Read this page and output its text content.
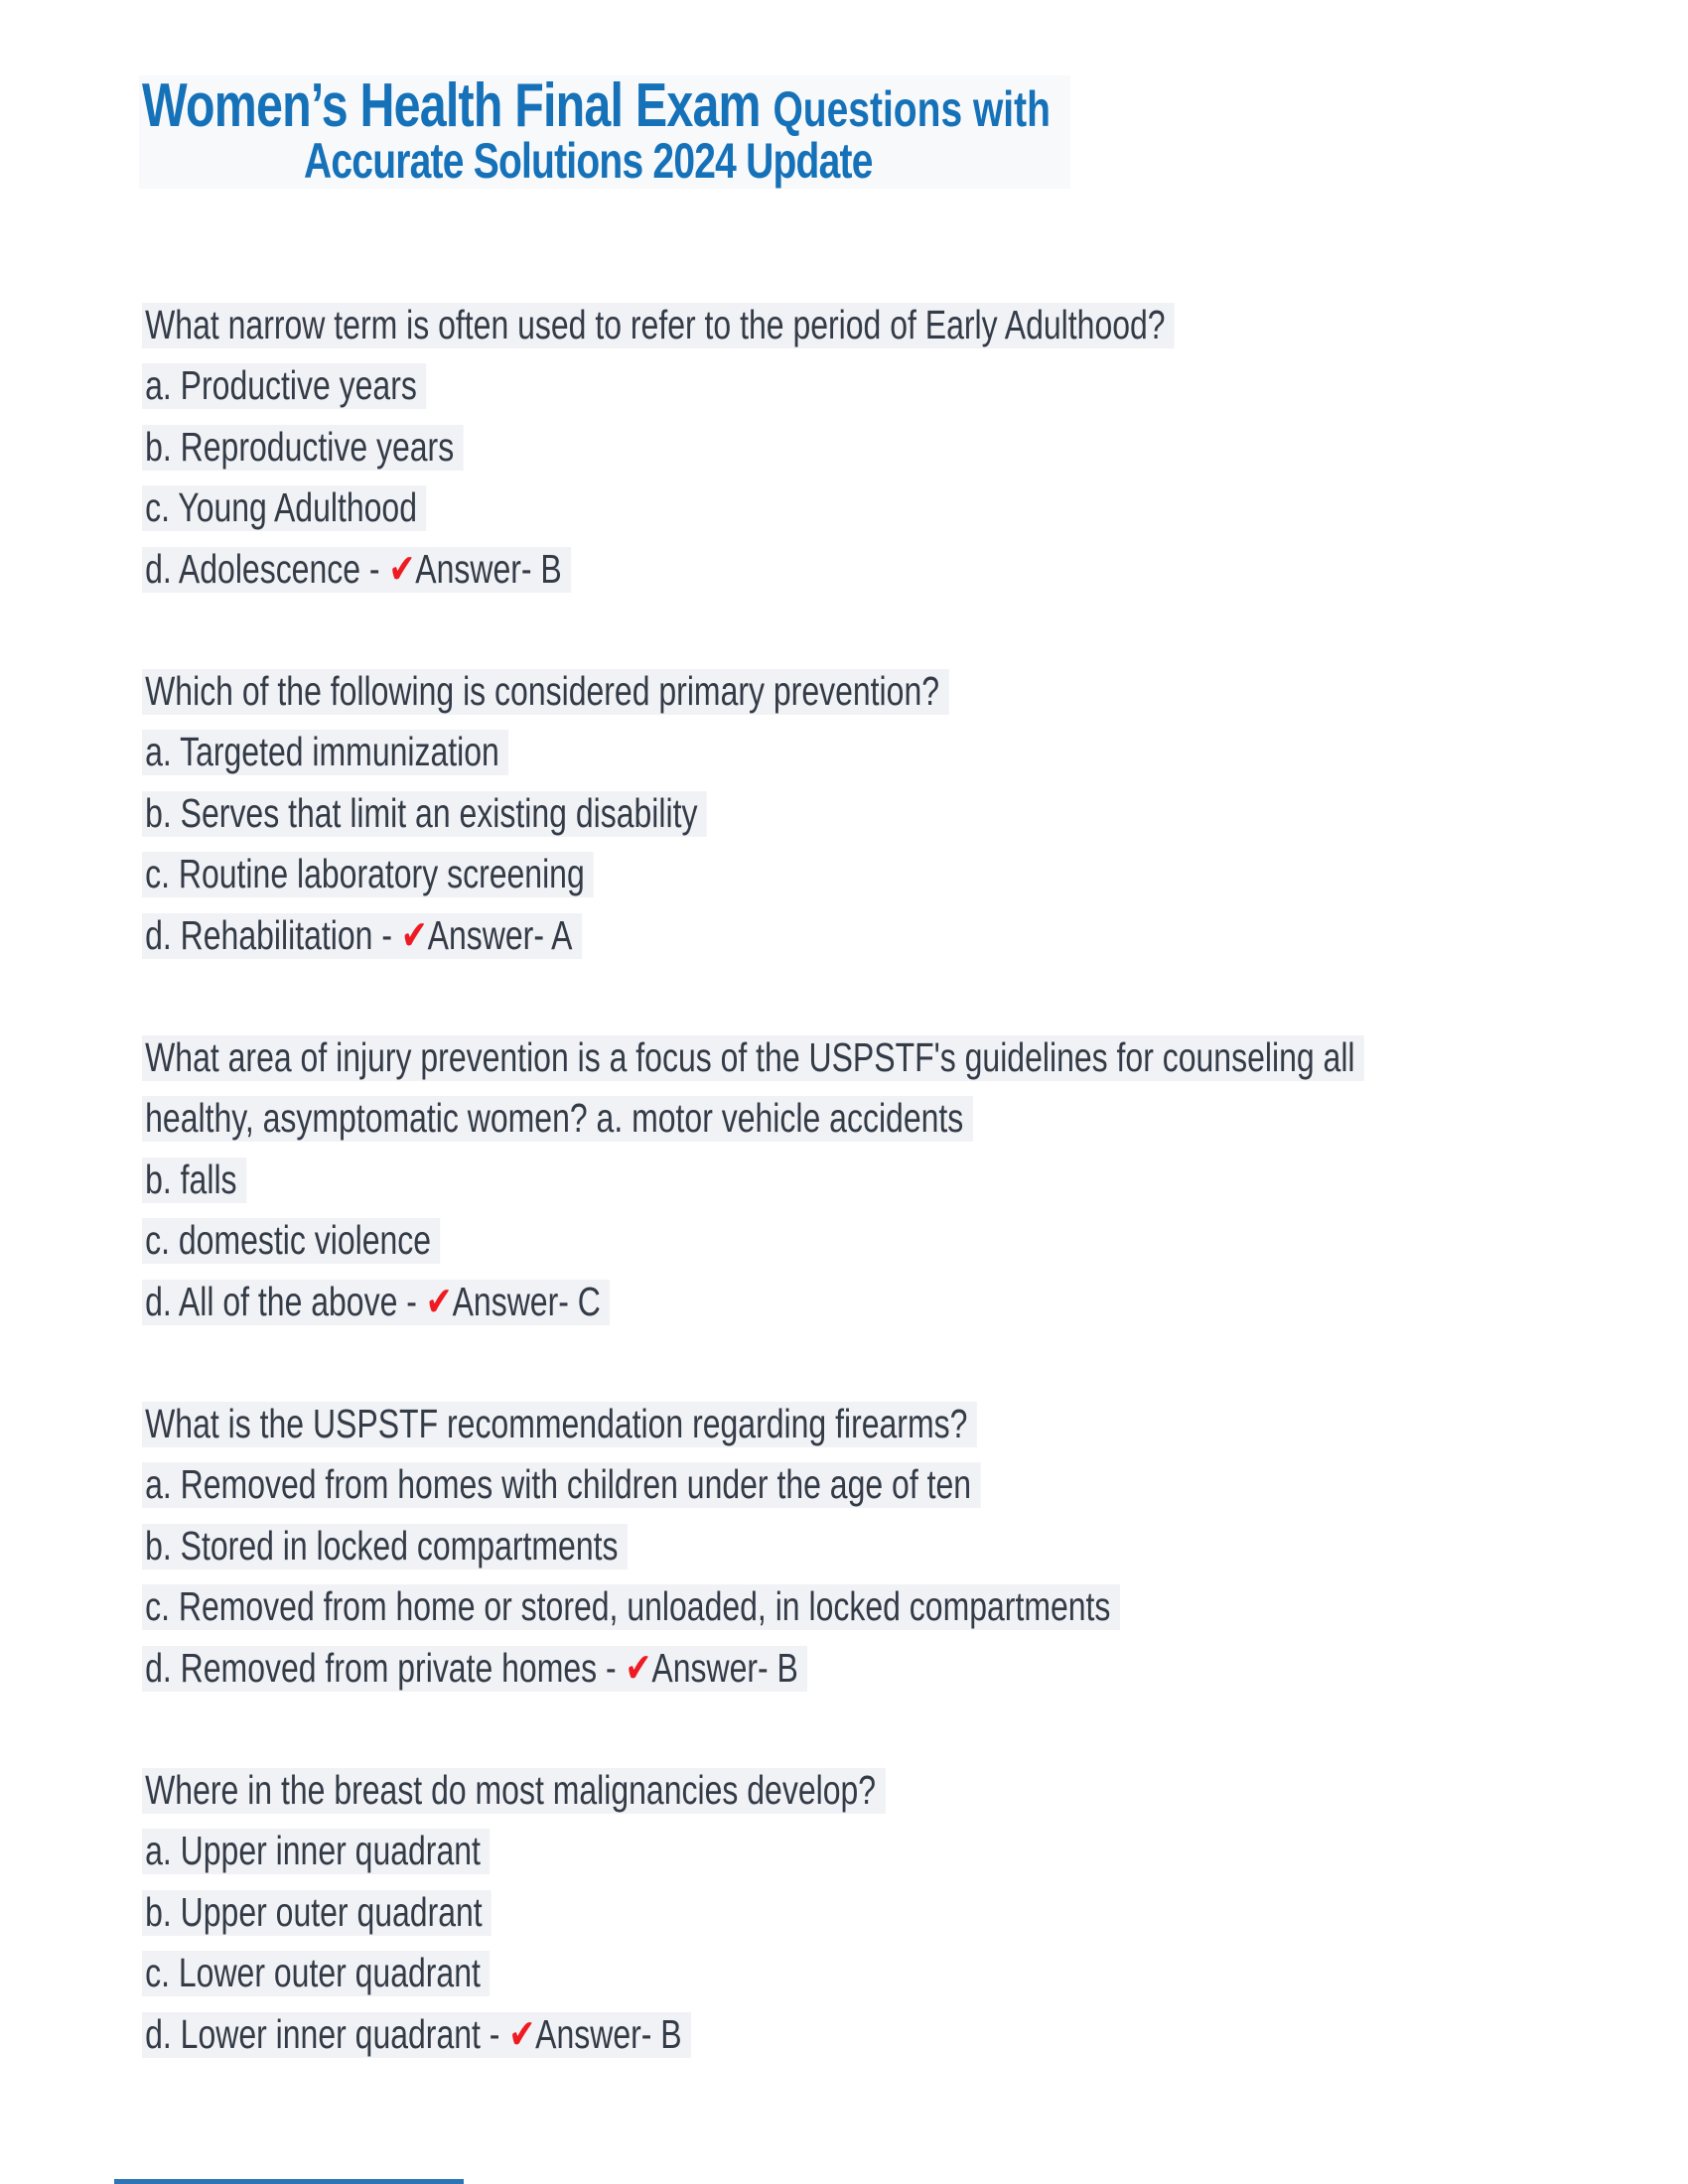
Women’s Health Final Exam Questions with
Accurate Solutions 2024 Update
What narrow term is often used to refer to the period of Early Adulthood?
a. Productive years
b. Reproductive years
c. Young Adulthood
d. Adolescence - ✔Answer- B
Which of the following is considered primary prevention?
a. Targeted immunization
b. Serves that limit an existing disability
c. Routine laboratory screening
d. Rehabilitation - ✔Answer- A
What area of injury prevention is a focus of the USPSTF's guidelines for counseling all
healthy, asymptomatic women? a. motor vehicle accidents
b. falls
c. domestic violence
d. All of the above - ✔Answer- C
What is the USPSTF recommendation regarding firearms?
a. Removed from homes with children under the age of ten
b. Stored in locked compartments
c. Removed from home or stored, unloaded, in locked compartments
d. Removed from private homes - ✔Answer- B
Where in the breast do most malignancies develop?
a. Upper inner quadrant
b. Upper outer quadrant
c. Lower outer quadrant
d. Lower inner quadrant - ✔Answer- B
